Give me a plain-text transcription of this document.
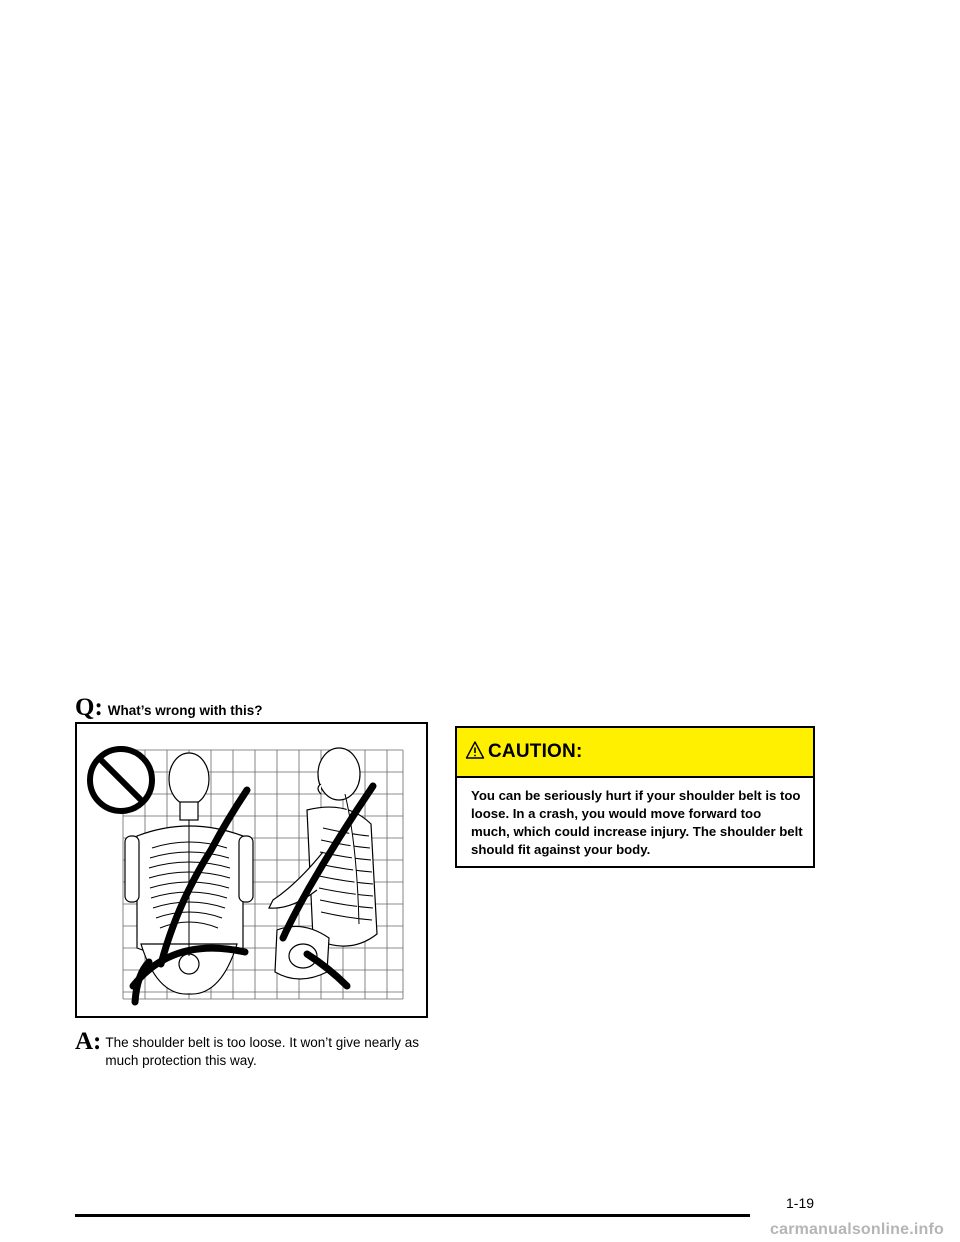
Q: What’s wrong with this?
A: The shoulder belt is too loose. It won’t give nearly as much protection this way.
CAUTION:
You can be seriously hurt if your shoulder belt is too loose. In a crash, you would move forward too much, which could increase injury. The shoulder belt should fit against your body.
1-19
carmanualsonline.info
